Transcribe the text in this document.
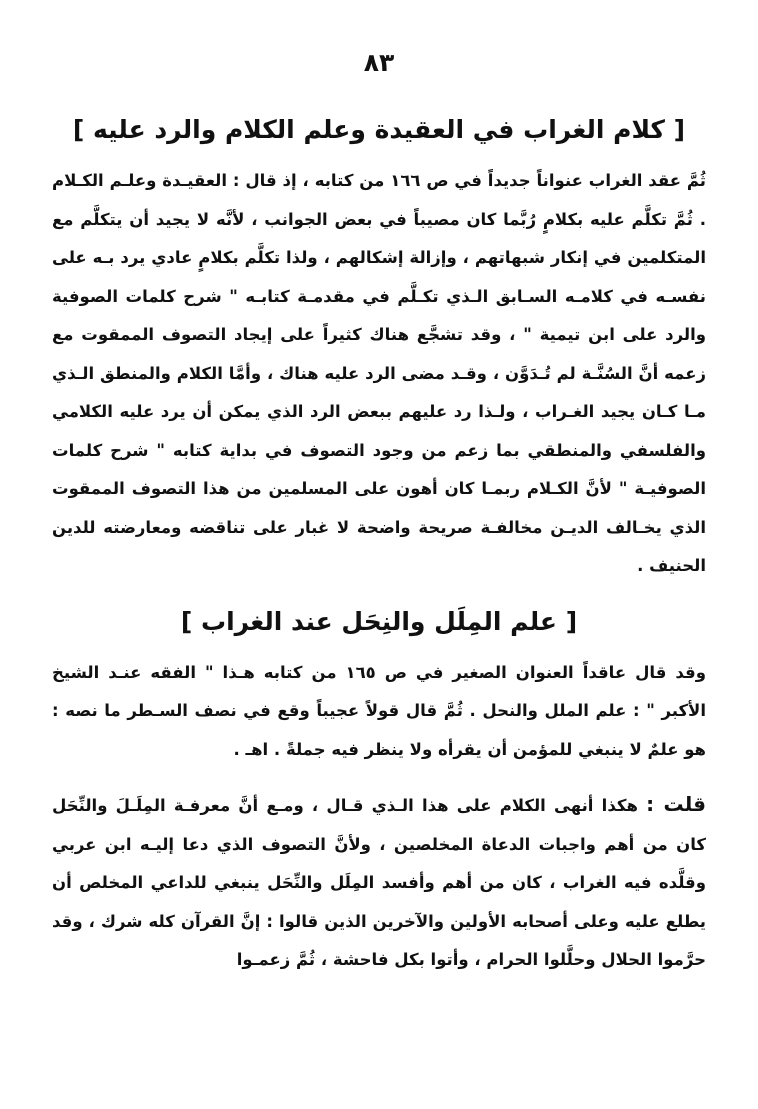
٨٣
[ كلام الغراب في العقيدة وعلم الكلام والرد عليه ]
ثُمَّ عقد الغراب عنواناً جديداً في ص ١٦٦ من كتابه ، إذ قال : العقيـدة وعلـم الكـلام . ثُمَّ تكلَّم عليه بكلامٍ رُبَّما كان مصيباً في بعض الجوانب ، لأنَّه لا يجيد أن يتكلَّم مع المتكلمين في إنكار شبهاتهم ، وإزالة إشكالهم ، ولذا تكلَّم بكلامٍ عادي يرد بـه على نفسـه في كلامـه السـابق الـذي تكـلَّم في مقدمـة كتابـه " شرح كلمات الصوفية والرد على ابن تيمية " ، وقد تشجَّع هناك كثيراً على إيجاد التصوف الممقوت مع زعمه أنَّ السُنَّـة لم تُـدَوَّن ، وقـد مضى الرد عليه هناك ، وأمَّا الكلام والمنطق الـذي مـا كـان يجيد الغـراب ، ولـذا رد عليهم ببعض الرد الذي يمكن أن يرد عليه الكلامي والفلسفي والمنطقي بما زعم من وجود التصوف في بداية كتابه " شرح كلمات الصوفيـة " لأنَّ الكـلام ربمـا كان أهون على المسلمين من هذا التصوف الممقوت الذي يخـالف الديـن مخالفـة صريحة واضحة لا غبار على تناقضه ومعارضته للدين الحنيف .
[ علم المِلَل والنِحَل عند الغراب ]
وقد قال عاقداً العنوان الصغير في ص ١٦٥ من كتابه هـذا " الفقه عنـد الشيخ الأكبر " : علم الملل والنحل . ثُمَّ قال قولاً عجيباً وقع في نصف السـطر ما نصه : هو علمٌ لا ينبغي للمؤمن أن يقرأه ولا ينظر فيه جملةً . اهـ .
قلت : هكذا أنهى الكلام على هذا الـذي قـال ، ومـع أنَّ معرفـة المِلَـلَ والنِّحَل كان من أهم واجبات الدعاة المخلصين ، ولأنَّ التصوف الذي دعا إليـه ابن عربي وقلَّده فيه الغراب ، كان من أهم وأفسد المِلَل والنِّحَل ينبغي للداعي المخلص أن يطلع عليه وعلى أصحابه الأولين والآخرين الذين قالوا : إنَّ القرآن كله شرك ، وقد حرَّموا الحلال وحلَّلوا الحرام ، وأتوا بكل فاحشة ، ثُمَّ زعمـوا
